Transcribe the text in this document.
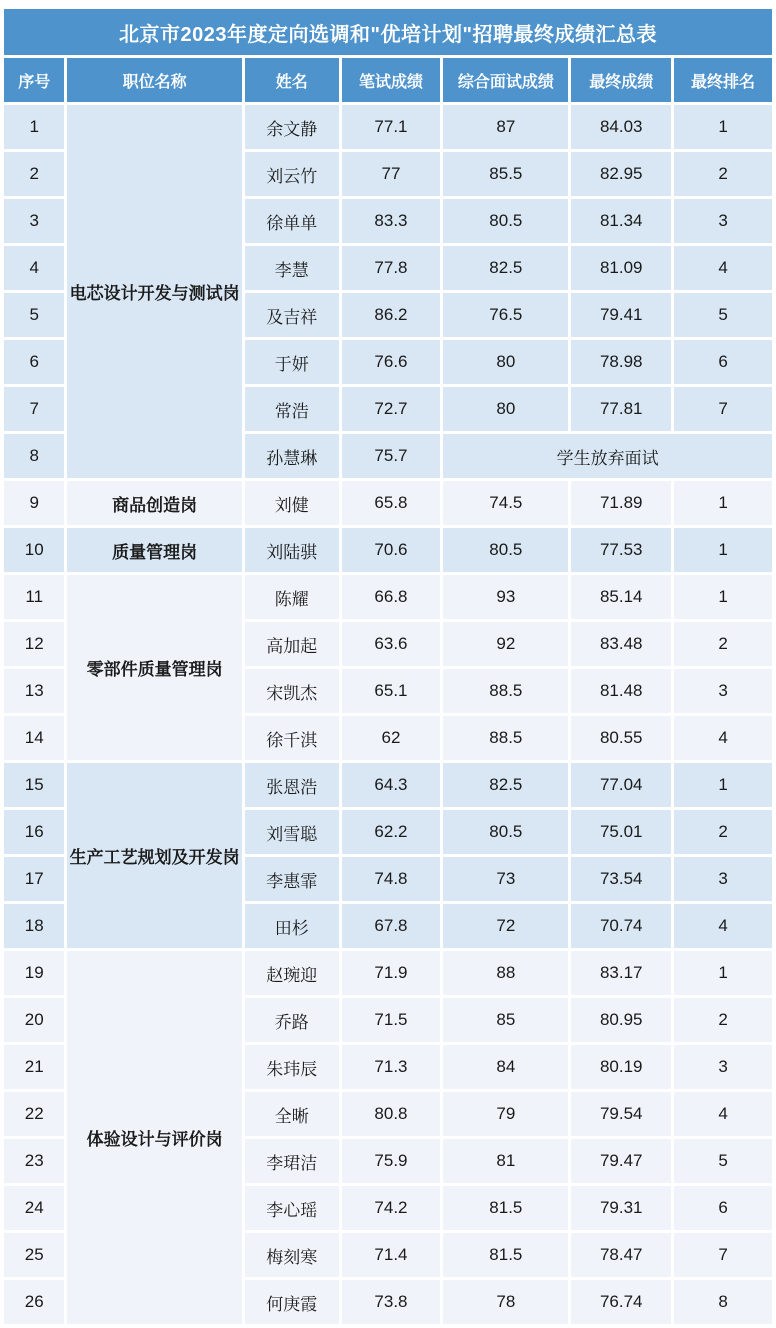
北京市2023年度定向选调和"优培计划"招聘最终成绩汇总表						
序号	职位名称	姓名	笔试成绩	综合面试成绩	最终成绩	最终排名
1	电芯设计开发与测试岗	余文静	77.1	87	84.03	1
2		刘云竹	77	85.5	82.95	2
3		徐单单	83.3	80.5	81.34	3
4		李慧	77.8	82.5	81.09	4
5		及吉祥	86.2	76.5	79.41	5
6		于妍	76.6	80	78.98	6
7		常浩	72.7	80	77.81	7
8		孙慧琳	75.7	学生放弃面试		
9	商品创造岗	刘健	65.8	74.5	71.89	1
10	质量管理岗	刘陆骐	70.6	80.5	77.53	1
11	零部件质量管理岗	陈耀	66.8	93	85.14	1
12		高加起	63.6	92	83.48	2
13		宋凯杰	65.1	88.5	81.48	3
14		徐千淇	62	88.5	80.55	4
15	生产工艺规划及开发岗	张恩浩	64.3	82.5	77.04	1
16		刘雪聪	62.2	80.5	75.01	2
17		李惠霏	74.8	73	73.54	3
18		田杉	67.8	72	70.74	4
19	体验设计与评价岗	赵琬迎	71.9	88	83.17	1
20		乔路	71.5	85	80.95	2
21		朱玮辰	71.3	84	80.19	3
22		全晰	80.8	79	79.54	4
23		李珺洁	75.9	81	79.47	5
24		李心瑶	74.2	81.5	79.31	6
25		梅刻寒	71.4	81.5	78.47	7
26		何庚霞	73.8	78	76.74	8
